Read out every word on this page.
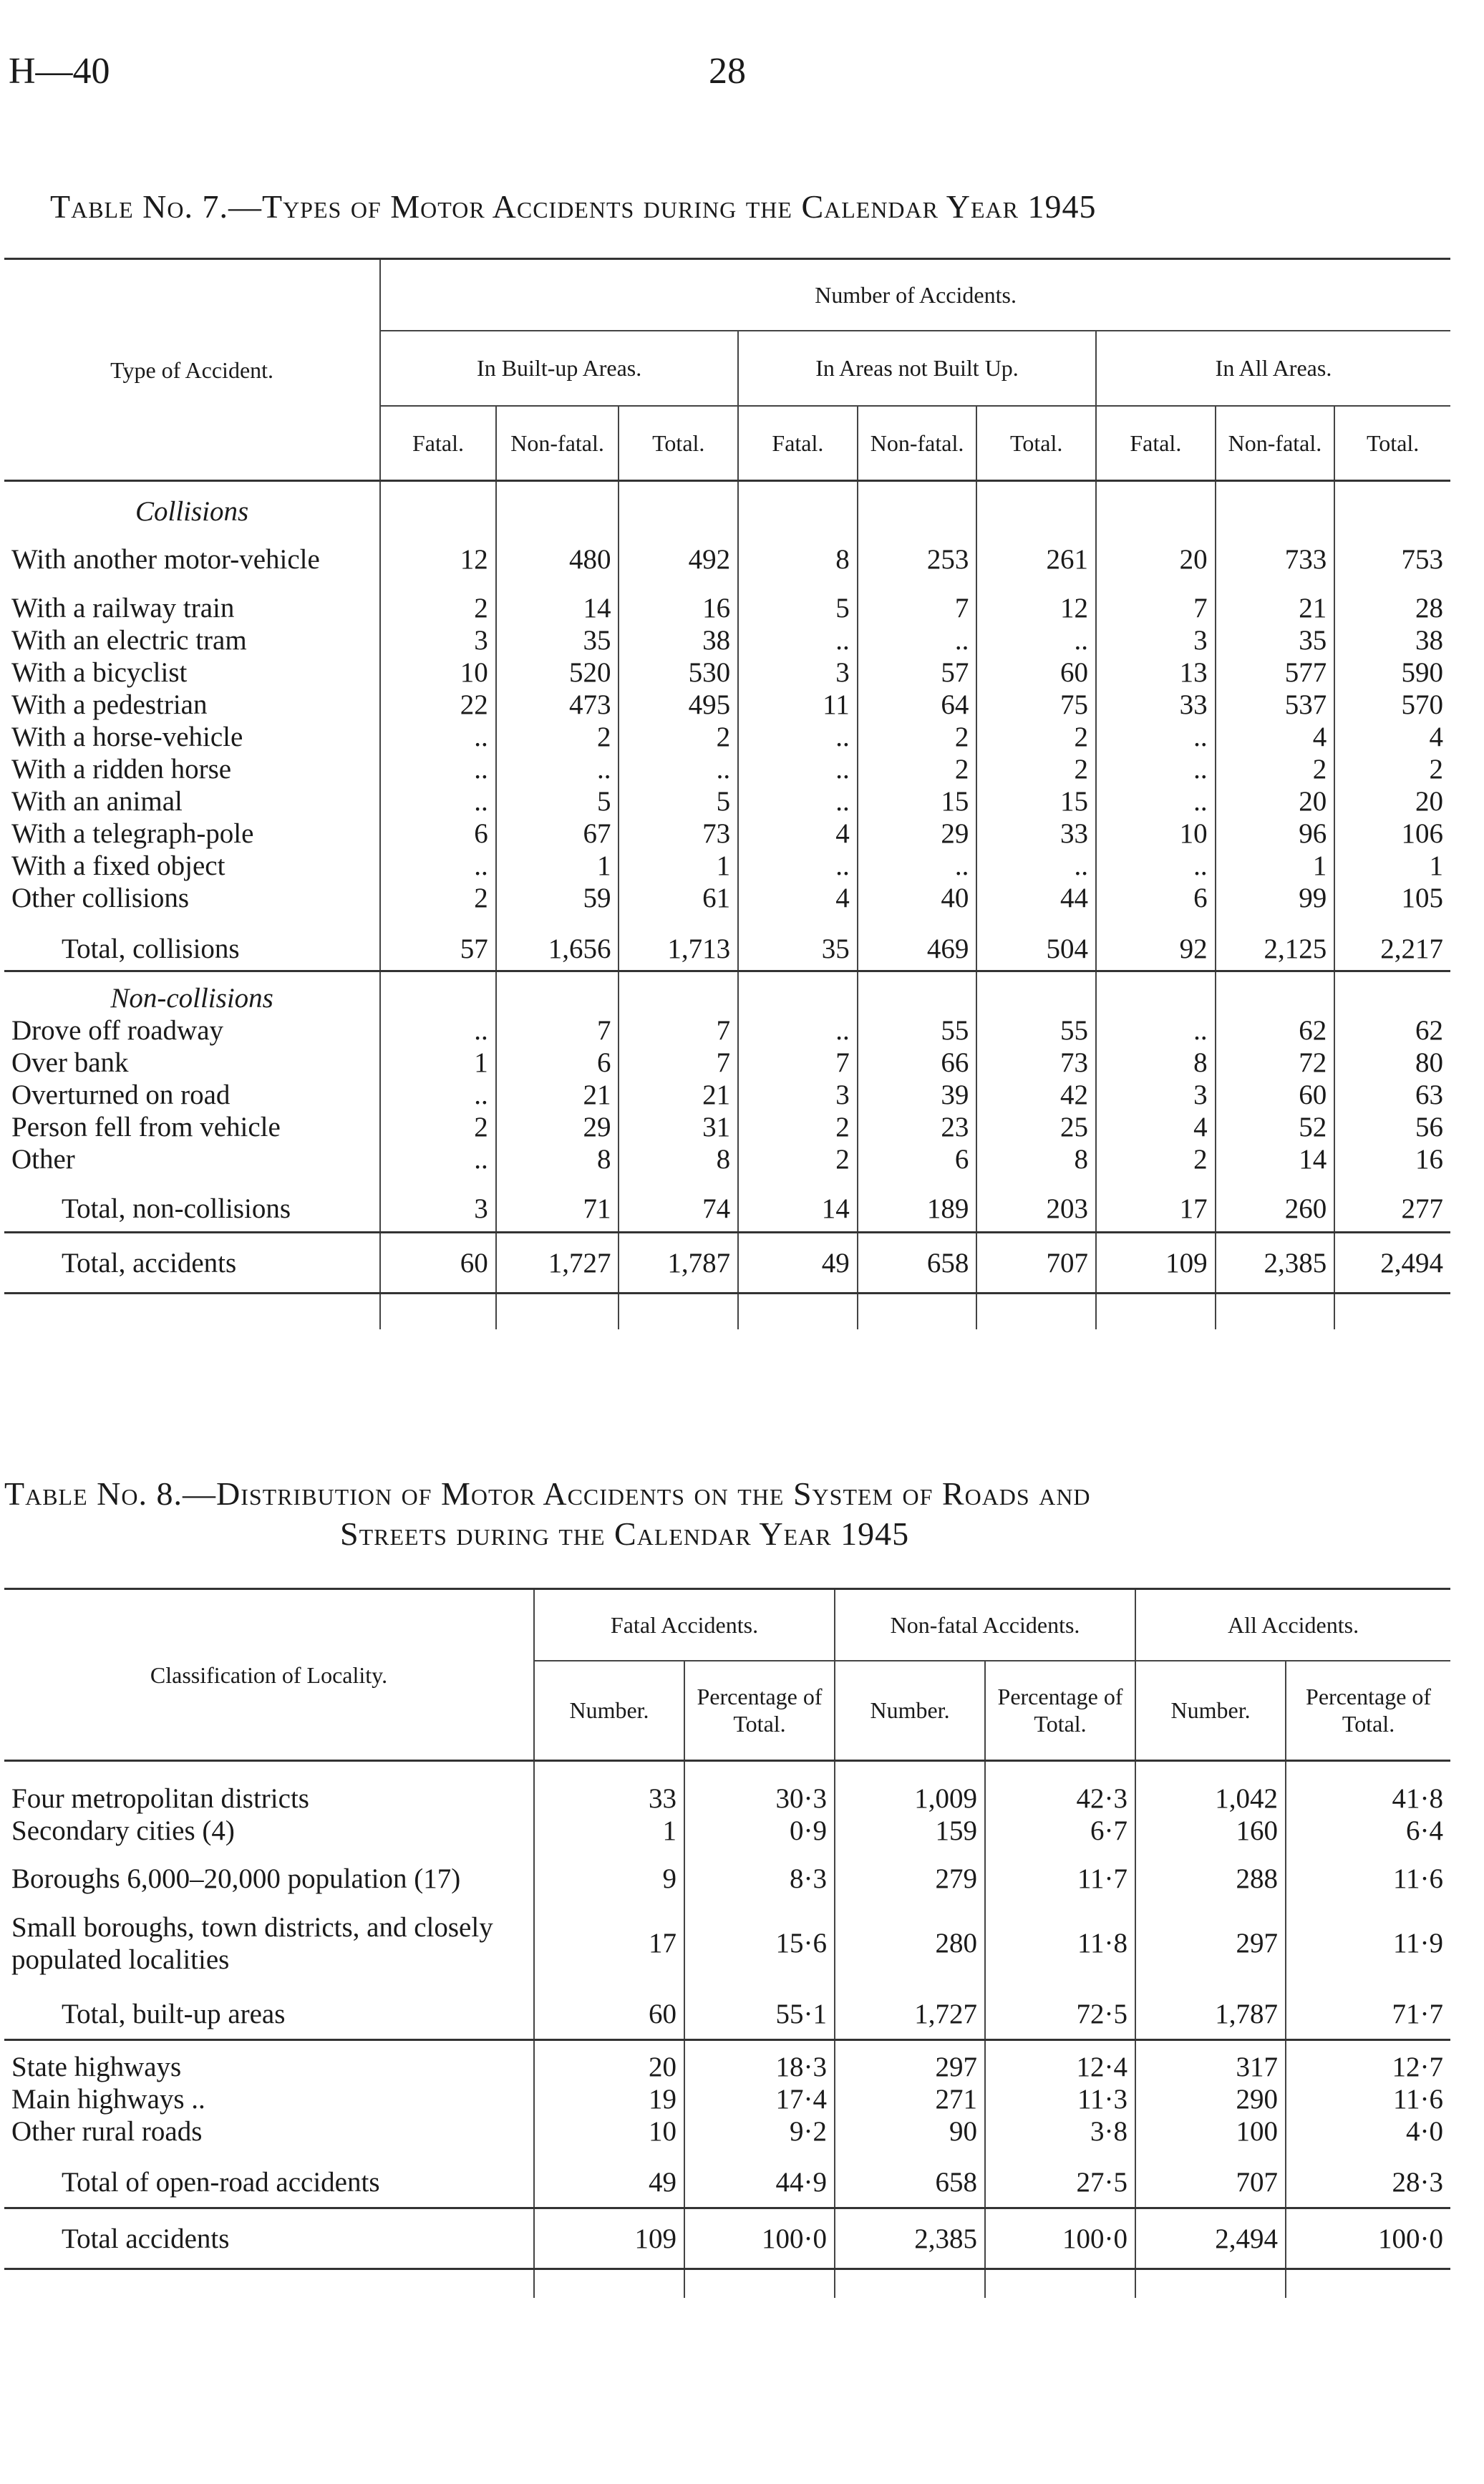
H—40	28
Table No. 7.—Types of Motor Accidents during the Calendar Year 1945
Type of Accident.	Number of Accidents.								
	In Built-up Areas.			In Areas not Built Up.			In All Areas.		
	Fatal.	Non-fatal.	Total.	Fatal.	Non-fatal.	Total.	Fatal.	Non-fatal.	Total.

Collisions									
With another motor-vehicle	12	480	492	8	253	261	20	733	753
With a railway train	2	14	16	5	7	12	7	21	28
With an electric tram	3	35	38	..	..	..	3	35	38
With a bicyclist	10	520	530	3	57	60	13	577	590
With a pedestrian	22	473	495	11	64	75	33	537	570
With a horse-vehicle	..	2	2	..	2	2	..	4	4
With a ridden horse	..	..	..	..	2	2	..	2	2
With an animal	..	5	5	..	15	15	..	20	20
With a telegraph-pole	6	67	73	4	29	33	10	96	106
With a fixed object	..	1	1	..	..	..	..	1	1
Other collisions	2	59	61	4	40	44	6	99	105

Total, collisions	57	1,656	1,713	35	469	504	92	2,125	2,217

Non-collisions									
Drove off roadway	..	7	7	..	55	55	..	62	62
Over bank	1	6	7	7	66	73	8	72	80
Overturned on road	..	21	21	3	39	42	3	60	63
Person fell from vehicle	2	29	31	2	23	25	4	52	56
Other	..	8	8	2	6	8	2	14	16

Total, non-collisions	3	71	74	14	189	203	17	260	277
Total, accidents	60	1,727	1,787	49	658	707	109	2,385	2,494

Table No. 8.—Distribution of Motor Accidents on the System of Roads and
Streets during the Calendar Year 1945
Classification of Locality.	Fatal Accidents.		Non-fatal Accidents.		All Accidents.	
	Number.	Percentage of Total.	Number.	Percentage of Total.	Number.	Percentage of Total.

Four metropolitan districts	33	30·3	1,009	42·3	1,042	41·8
Secondary cities (4)	1	0·9	159	6·7	160	6·4
Boroughs 6,000–20,000 population (17)	9	8·3	279	11·7	288	11·6
Small boroughs, town districts, and closely populated localities	17	15·6	280	11·8	297	11·9

Total, built-up areas	60	55·1	1,727	72·5	1,787	71·7

State highways	20	18·3	297	12·4	317	12·7
Main highways ..	19	17·4	271	11·3	290	11·6
Other rural roads	10	9·2	90	3·8	100	4·0

Total of open-road accidents	49	44·9	658	27·5	707	28·3
Total accidents	109	100·0	2,385	100·0	2,494	100·0
